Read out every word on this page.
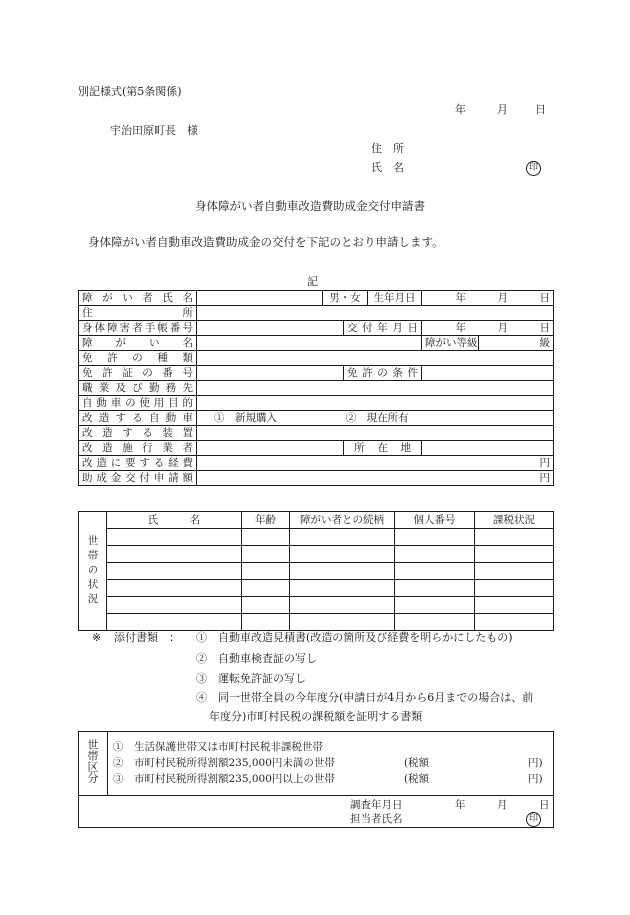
別記様式(第5条関係)
年	月 日
宇治田原町長　様
住　所
氏　名	印
身体障がい者自動車改造費助成金交付申請書
身体障がい者自動車改造費助成金の交付を下記のとおり申請します。
記
障がい者氏名		男・女		生年月日	年　　　月　　　日	
住所						
身体障害者手帳番号			交付年月日		年　　　月　　　日	
障がい名					障がい等級	級
免許の種類						
免許証の番号			免許の条件			
職業及び勤務先						
自動車の使用目的						
改造する自動車	①　新規購入 ②　現在所有					
改造する装置						
改造施行業者			所在地			
改造に要する経費	円					
助成金交付申請額	円					
世帯の状況	氏　　　名	年齢	障がい者との続柄	個人番号	課税状況

※ 添付書類　： ①　自動車改造見積書(改造の箇所及び経費を明らかにしたもの)
②　自動車検査証の写し
③　運転免許証の写し
④　同一世帯全員の今年度分(申請日が4月から6月までの場合は、前
年度分)市町村民税の課税額を証明する書類
世帯区分 ①　生活保護世帯又は市町村民税非課税世帯
②　市町村民税所得割額235,000円未満の世帯	(税額	円)
③　市町村民税所得割額235,000円以上の世帯	(税額	円)
調査年月日	年　　　月　　　日
担当者氏名	印
